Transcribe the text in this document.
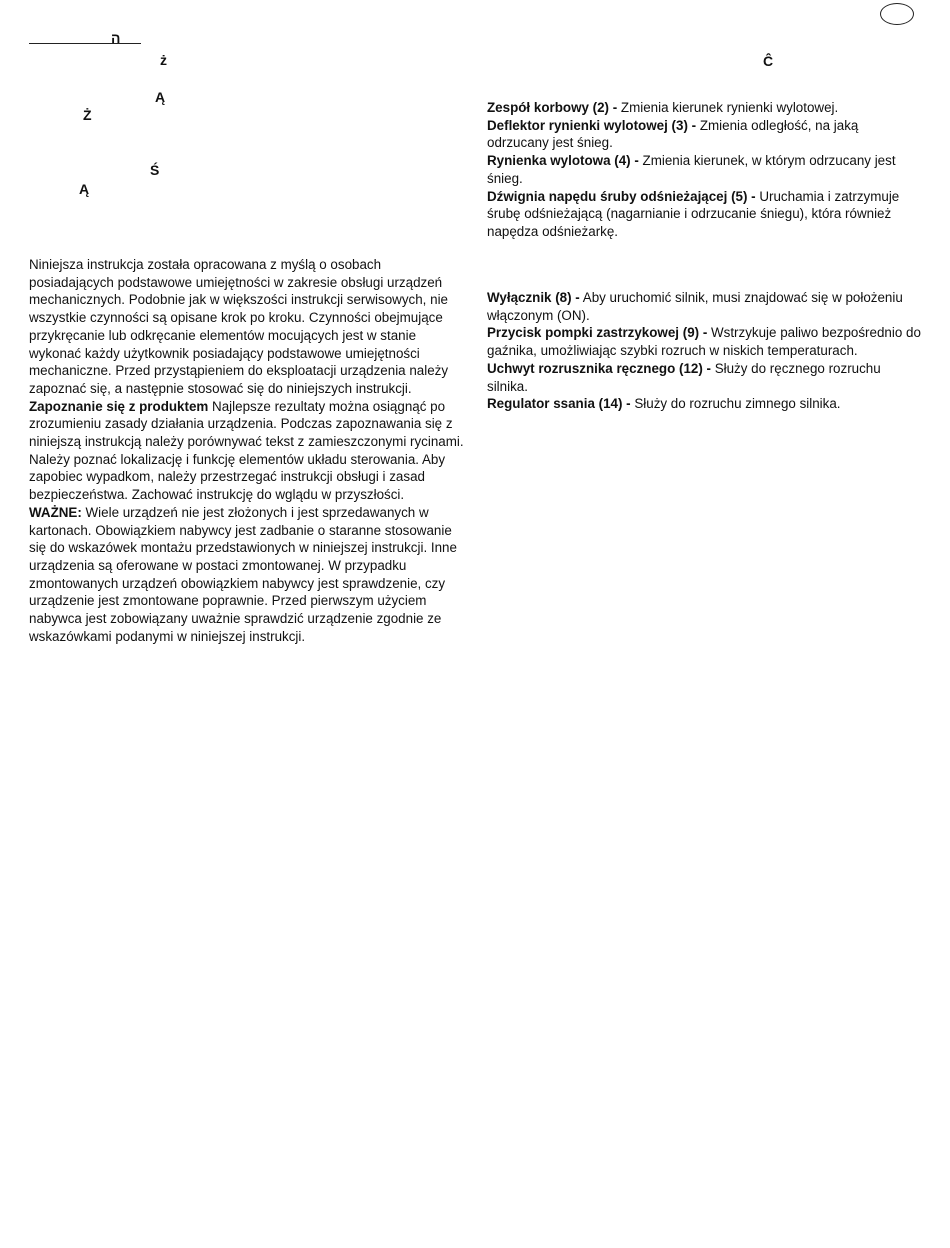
ה
ż
Ą
Ż
Ś
Ą
Ĉ

Niniejsza instrukcja została opracowana z myślą o osobach posiadających podstawowe umiejętności w zakresie obsługi urządzeń mechanicznych. Podobnie jak w większości instrukcji serwisowych, nie wszystkie czynności są opisane krok po kroku. Czynności obejmujące przykręcanie lub odkręcanie elementów mocujących jest w stanie wykonać każdy użytkownik posiadający podstawowe umiejętności mechaniczne. Przed przystąpieniem do eksploatacji urządzenia należy zapoznać się, a następnie stosować się do niniejszych instrukcji.

Zapoznanie się z produktem Najlepsze rezultaty można osiągnąć po zrozumieniu zasady działania urządzenia. Podczas zapoznawania się z niniejszą instrukcją należy porównywać tekst z zamieszczonymi rycinami. Należy poznać lokalizację i funkcję elementów układu sterowania. Aby zapobiec wypadkom, należy przestrzegać instrukcji obsługi i zasad bezpieczeństwa. Zachować instrukcję do wglądu w przyszłości.

WAŻNE: Wiele urządzeń nie jest złożonych i jest sprzedawanych w kartonach. Obowiązkiem nabywcy jest zadbanie o staranne stosowanie się do wskazówek montażu przedstawionych w niniejszej instrukcji. Inne urządzenia są oferowane w postaci zmontowanej. W przypadku zmontowanych urządzeń obowiązkiem nabywcy jest sprawdzenie, czy urządzenie jest zmontowane poprawnie. Przed pierwszym użyciem nabywca jest zobowiązany uważnie sprawdzić urządzenie zgodnie ze wskazówkami podanymi w niniejszej instrukcji.

Zespół korbowy (2) - Zmienia kierunek rynienki wylotowej.

Deflektor rynienki wylotowej (3) - Zmienia odległość, na jaką odrzucany jest śnieg.

Rynienka wylotowa (4) - Zmienia kierunek, w którym odrzucany jest śnieg.

Dźwignia napędu śruby odśnieżającej (5) - Uruchamia i zatrzymuje śrubę odśnieżającą (nagarnianie i odrzucanie śniegu), która również napędza odśnieżarkę.

Wyłącznik (8) - Aby uruchomić silnik, musi znajdować się w położeniu włączonym (ON).

Przycisk pompki zastrzykowej (9) - Wstrzykuje paliwo bezpośrednio do gaźnika, umożliwiając szybki rozruch w niskich temperaturach.

Uchwyt rozrusznika ręcznego (12) - Służy do ręcznego rozruchu silnika.

Regulator ssania (14) - Służy do rozruchu zimnego silnika.
